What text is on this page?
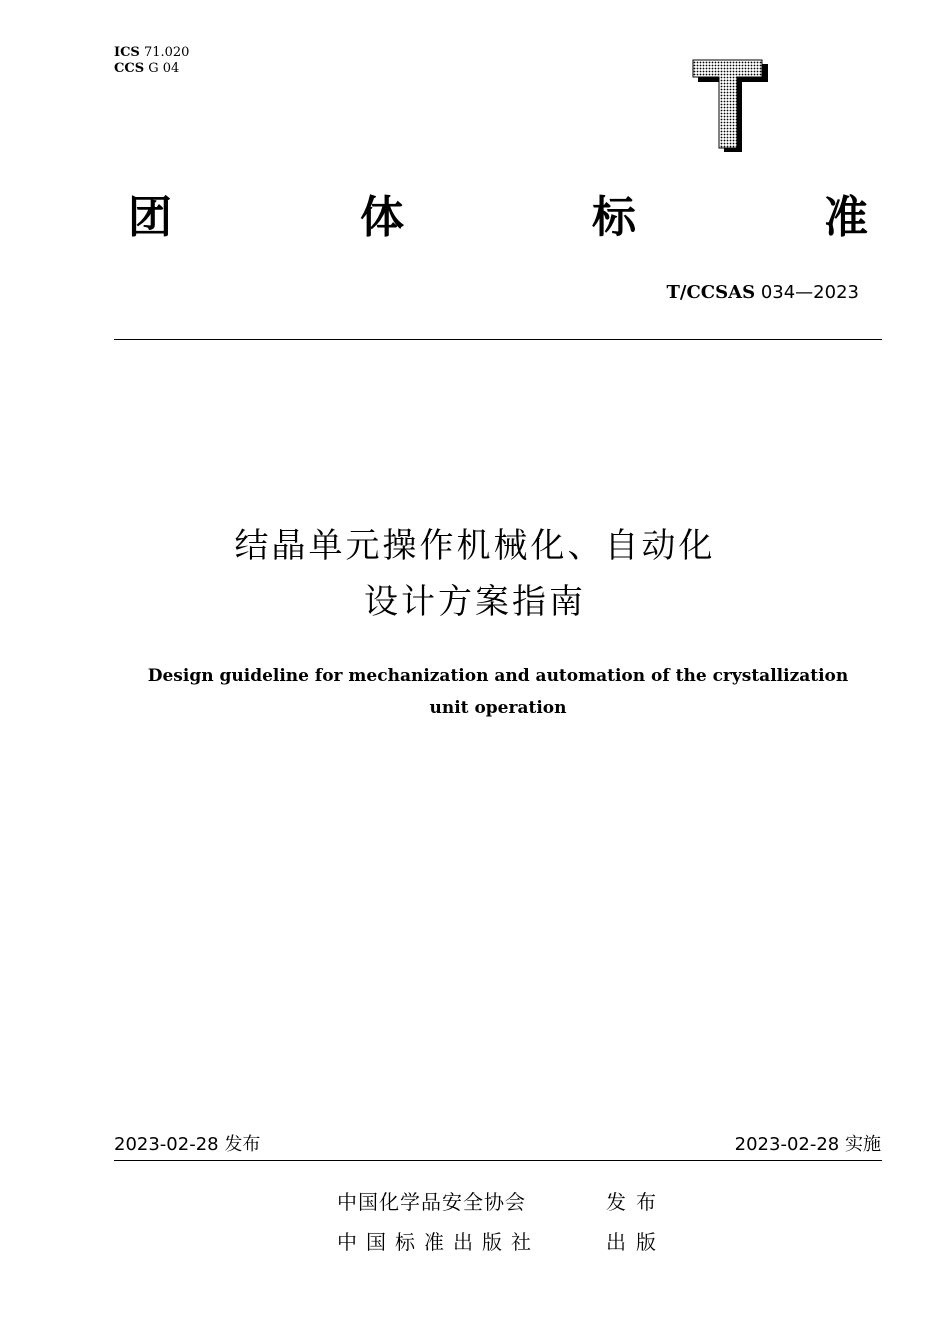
ICS 71.020
CCS G 04
团	体	标	准
T/CCSAS 034—2023
结晶单元操作机械化、自动化
设计方案指南
Design guideline for mechanization and automation of the crystallization
unit operation
2023-02-28 发布	2023-02-28 实施
中国化学品安全协会	发布
中国标准出版社	出版
